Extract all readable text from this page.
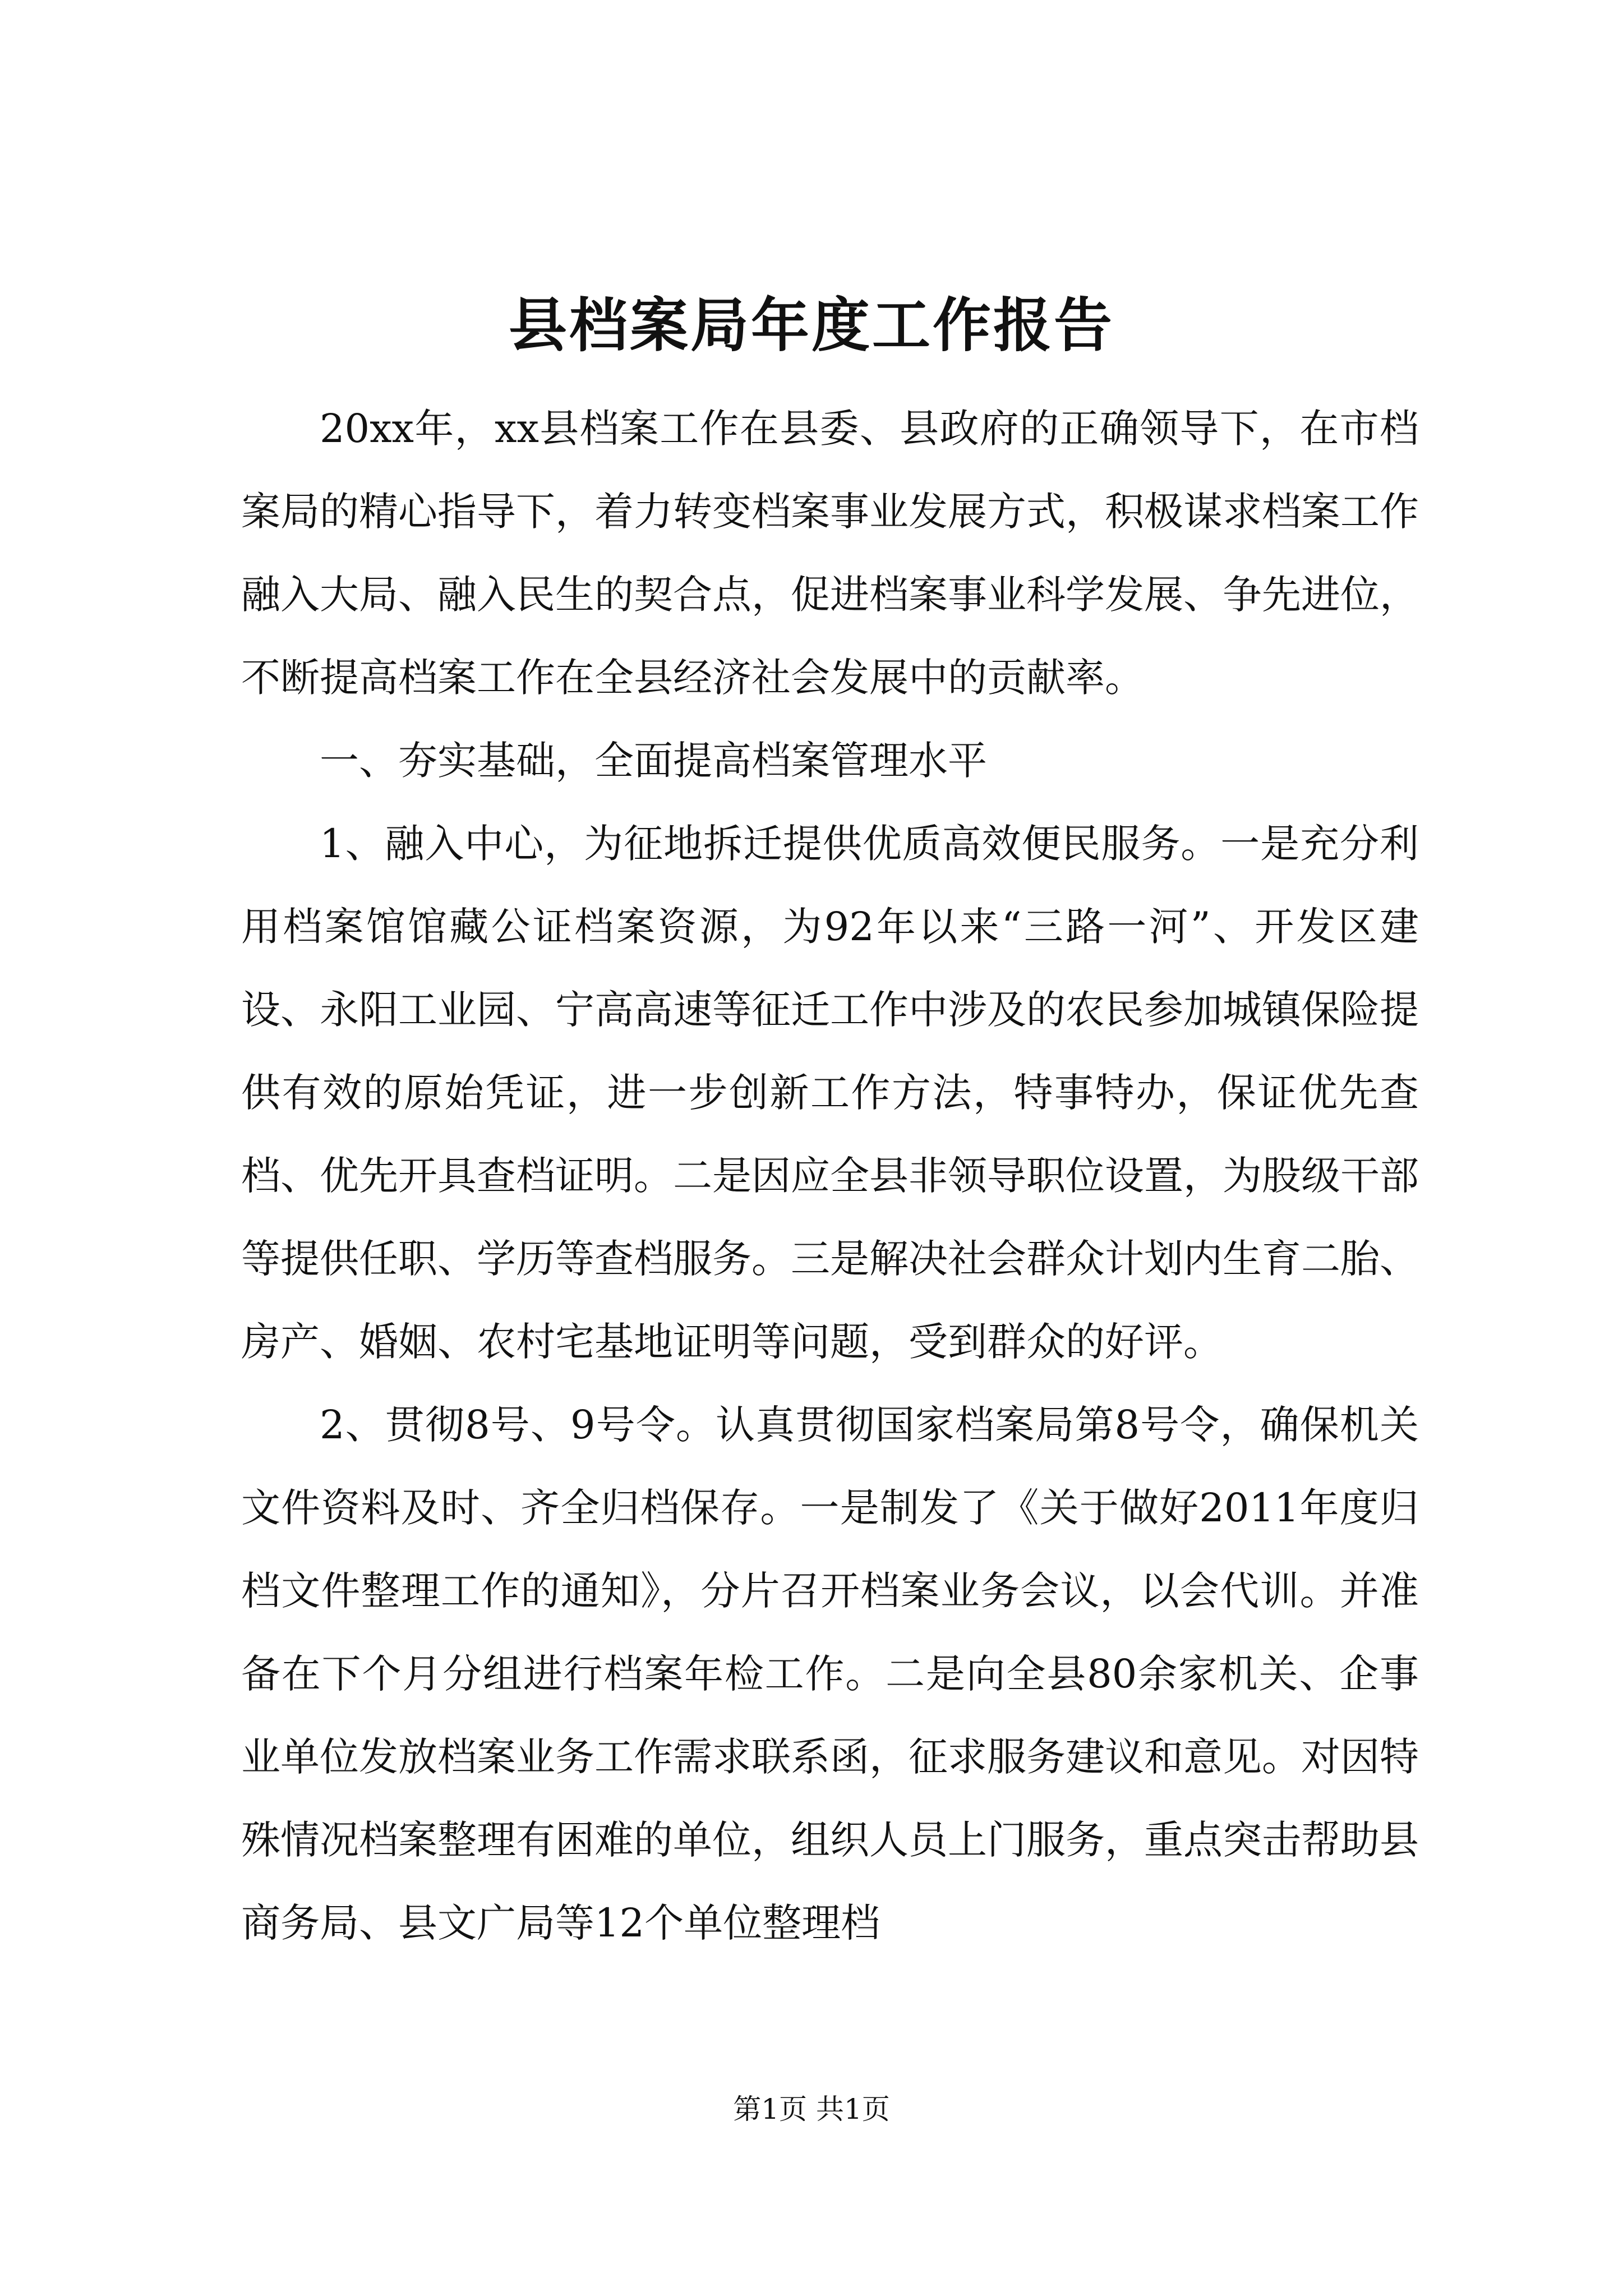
县档案局年度工作报告

20xx年，xx县档案工作在县委、县政府的正确领导下，在市档案局的精心指导下，着力转变档案事业发展方式，积极谋求档案工作融入大局、融入民生的契合点，促进档案事业科学发展、争先进位，不断提高档案工作在全县经济社会发展中的贡献率。

一、夯实基础，全面提高档案管理水平

1、融入中心，为征地拆迁提供优质高效便民服务。一是充分利用档案馆馆藏公证档案资源，为92年以来“三路一河”、开发区建设、永阳工业园、宁高高速等征迁工作中涉及的农民参加城镇保险提供有效的原始凭证，进一步创新工作方法，特事特办，保证优先查档、优先开具查档证明。二是因应全县非领导职位设置，为股级干部等提供任职、学历等查档服务。三是解决社会群众计划内生育二胎、房产、婚姻、农村宅基地证明等问题，受到群众的好评。

2、贯彻8号、9号令。认真贯彻国家档案局第8号令，确保机关文件资料及时、齐全归档保存。一是制发了《关于做好2011年度归档文件整理工作的通知》，分片召开档案业务会议，以会代训。并准备在下个月分组进行档案年检工作。二是向全县80余家机关、企事业单位发放档案业务工作需求联系函，征求服务建议和意见。对因特殊情况档案整理有困难的单位，组织人员上门服务，重点突击帮助县商务局、县文广局等12个单位整理档

第1页 共1页
